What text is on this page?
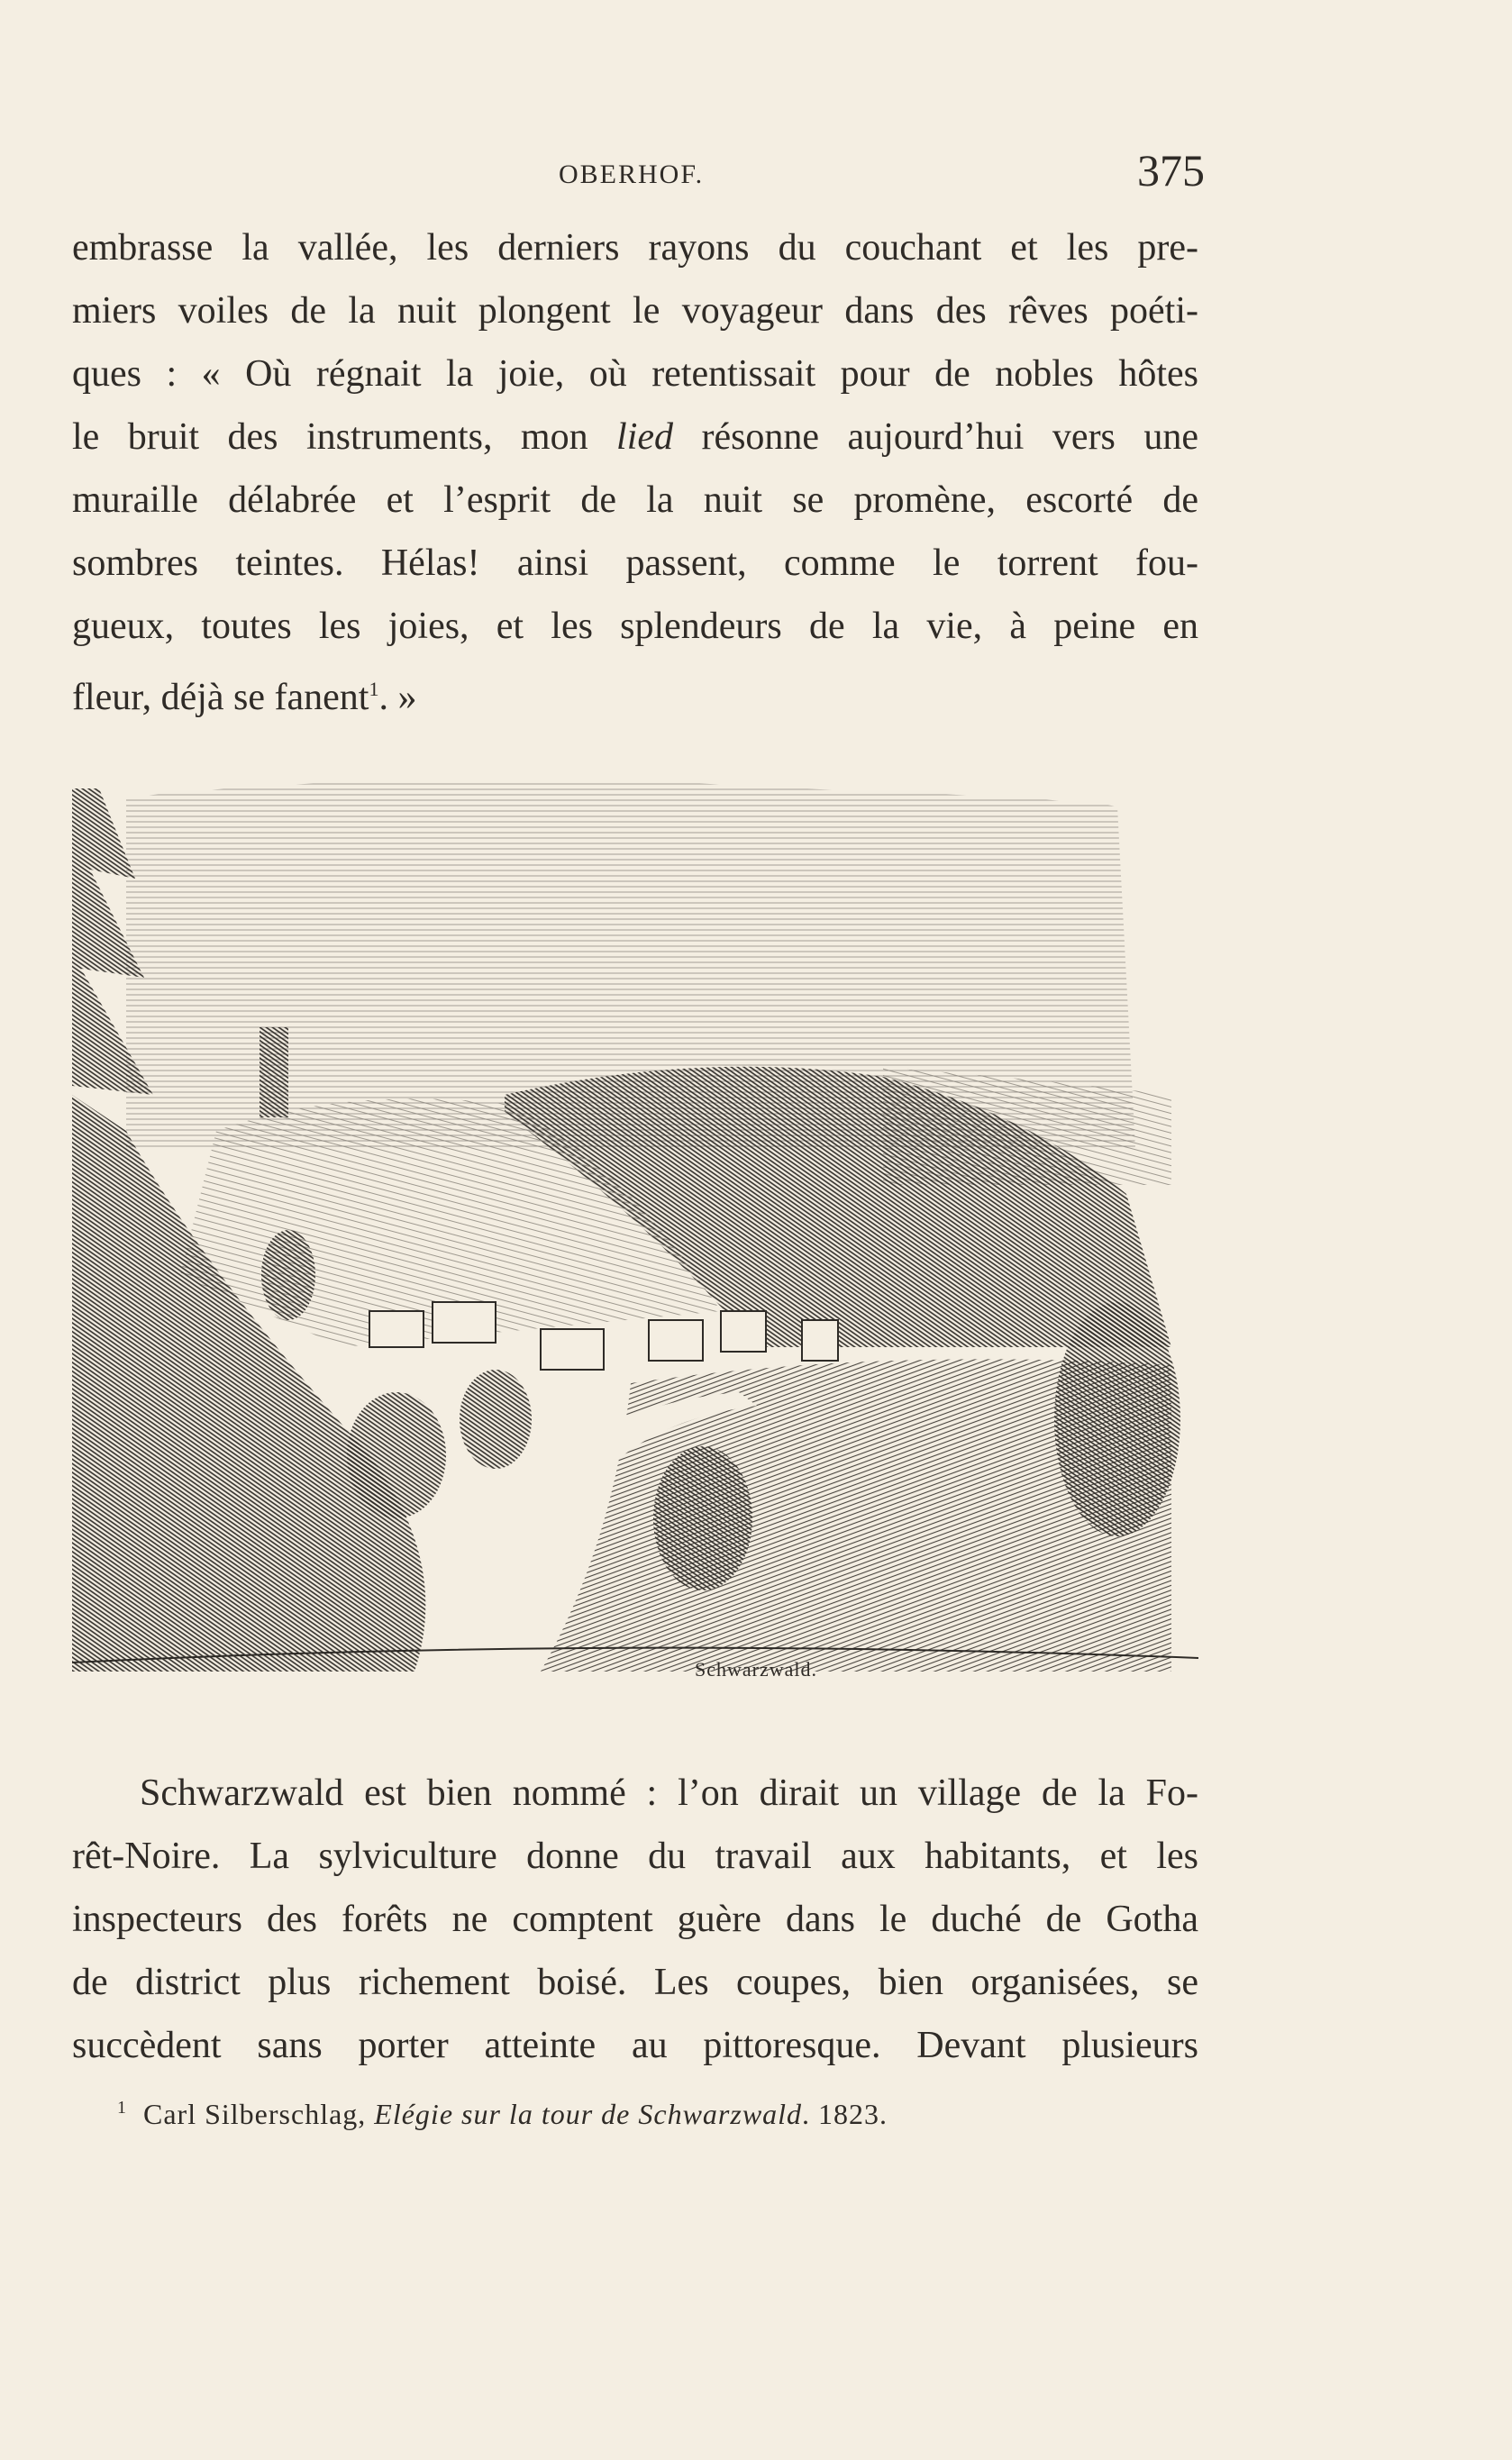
OBERHOF.	375
embrasse la vallée, les derniers rayons du couchant et les pre-
miers voiles de la nuit plongent le voyageur dans des rêves poéti-
ques : « Où régnait la joie, où retentissait pour de nobles hôtes
le bruit des instruments, mon lied résonne aujourd’hui vers une
muraille délabrée et l’esprit de la nuit se promène, escorté de
sombres teintes. Hélas! ainsi passent, comme le torrent fou-
gueux, toutes les joies, et les splendeurs de la vie, à peine en
fleur, déjà se fanent$^1$. »
Schwarzwald.
Schwarzwald est bien nommé : l’on dirait un village de la Fo-
rêt-Noire. La sylviculture donne du travail aux habitants, et les
inspecteurs des forêts ne comptent guère dans le duché de Gotha
de district plus richement boisé. Les coupes, bien organisées, se
succèdent sans porter atteinte au pittoresque. Devant plusieurs
$^1$ Carl Silberschlag, Elégie sur la tour de Schwarzwald. 1823.
